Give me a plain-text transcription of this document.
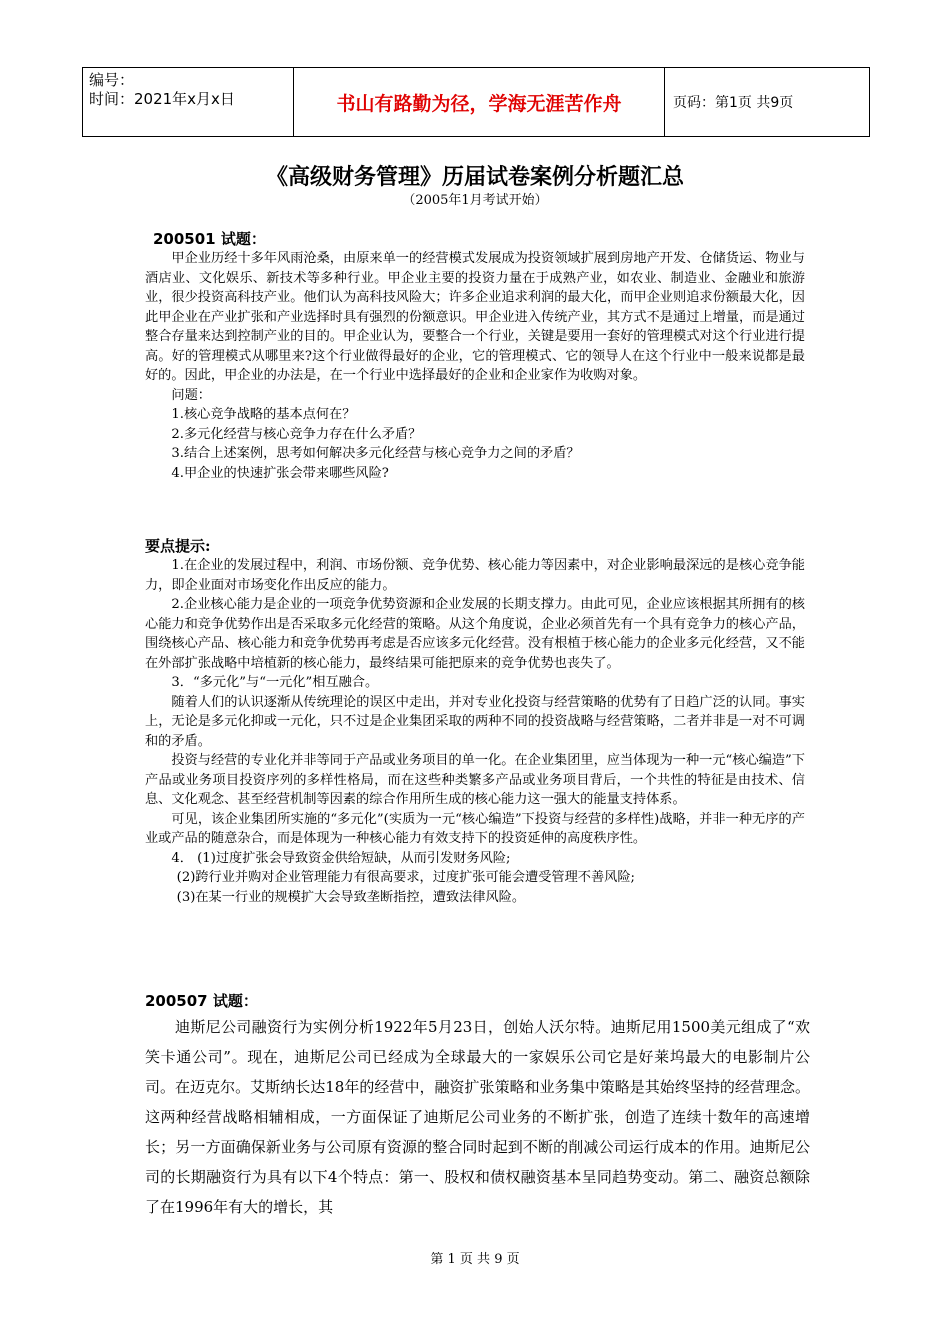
编号：
时间：2021年x月x日	书山有路勤为径，学海无涯苦作舟	页码：第1页 共9页
《高级财务管理》历届试卷案例分析题汇总
（2005年1月考试开始）
200501 试题：

甲企业历经十多年风雨沧桑，由原来单一的经营模式发展成为投资领域扩展到房地产开发、仓储货运、物业与酒店业、文化娱乐、新技术等多种行业。甲企业主要的投资力量在于成熟产业，如农业、制造业、金融业和旅游业，很少投资高科技产业。他们认为高科技风险大；许多企业追求利润的最大化，而甲企业则追求份额最大化，因此甲企业在产业扩张和产业选择时具有强烈的份额意识。甲企业进入传统产业，其方式不是通过上增量，而是通过整合存量来达到控制产业的目的。甲企业认为，要整合一个行业，关键是要用一套好的管理模式对这个行业进行提高。好的管理模式从哪里来?这个行业做得最好的企业，它的管理模式、它的领导人在这个行业中一般来说都是最好的。因此，甲企业的办法是，在一个行业中选择最好的企业和企业家作为收购对象。

问题：

1.核心竞争战略的基本点何在？

2.多元化经营与核心竞争力存在什么矛盾？

3.结合上述案例，思考如何解决多元化经营与核心竞争力之间的矛盾？

4.甲企业的快速扩张会带来哪些风险?

要点提示:

1.在企业的发展过程中，利润、市场份额、竞争优势、核心能力等因素中，对企业影响最深远的是核心竞争能力，即企业面对市场变化作出反应的能力。

2.企业核心能力是企业的一项竞争优势资源和企业发展的长期支撑力。由此可见，企业应该根据其所拥有的核心能力和竞争优势作出是否采取多元化经营的策略。从这个角度说，企业必须首先有一个具有竞争力的核心产品，围绕核心产品、核心能力和竞争优势再考虑是否应该多元化经营。没有根植于核心能力的企业多元化经营，又不能在外部扩张战略中培植新的核心能力，最终结果可能把原来的竞争优势也丧失了。

3．“多元化”与“一元化”相互融合。

随着人们的认识逐渐从传统理论的误区中走出，并对专业化投资与经营策略的优势有了日趋广泛的认同。事实上，无论是多元化抑或一元化，只不过是企业集团采取的两种不同的投资战略与经营策略，二者并非是一对不可调和的矛盾。

投资与经营的专业化并非等同于产品或业务项目的单一化。在企业集团里，应当体现为一种一元“核心编造”下产品或业务项目投资序列的多样性格局，而在这些种类繁多产品或业务项目背后，一个共性的特征是由技术、信息、文化观念、甚至经营机制等因素的综合作用所生成的核心能力这一强大的能量支持体系。

可见，该企业集团所实施的“多元化”(实质为一元“核心编造”下投资与经营的多样性)战略，并非一种无序的产业或产品的随意杂合，而是体现为一种核心能力有效支持下的投资延伸的高度秩序性。

4． (1)过度扩张会导致资金供给短缺，从而引发财务风险;

(2)跨行业并购对企业管理能力有很高要求，过度扩张可能会遭受管理不善风险;

(3)在某一行业的规模扩大会导致垄断指控，遭致法律风险。

200507 试题：

迪斯尼公司融资行为实例分析1922年5月23日，创始人沃尔特。迪斯尼用1500美元组成了“欢笑卡通公司”。现在，迪斯尼公司已经成为全球最大的一家娱乐公司它是好莱坞最大的电影制片公司。在迈克尔。艾斯纳长达18年的经营中，融资扩张策略和业务集中策略是其始终坚持的经营理念。这两种经营战略相辅相成，一方面保证了迪斯尼公司业务的不断扩张，创造了连续十数年的高速增长；另一方面确保新业务与公司原有资源的整合同时起到不断的削减公司运行成本的作用。迪斯尼公司的长期融资行为具有以下4个特点：第一、股权和债权融资基本呈同趋势变动。第二、融资总额除了在1996年有大的增长，其

第 1 页 共 9 页
